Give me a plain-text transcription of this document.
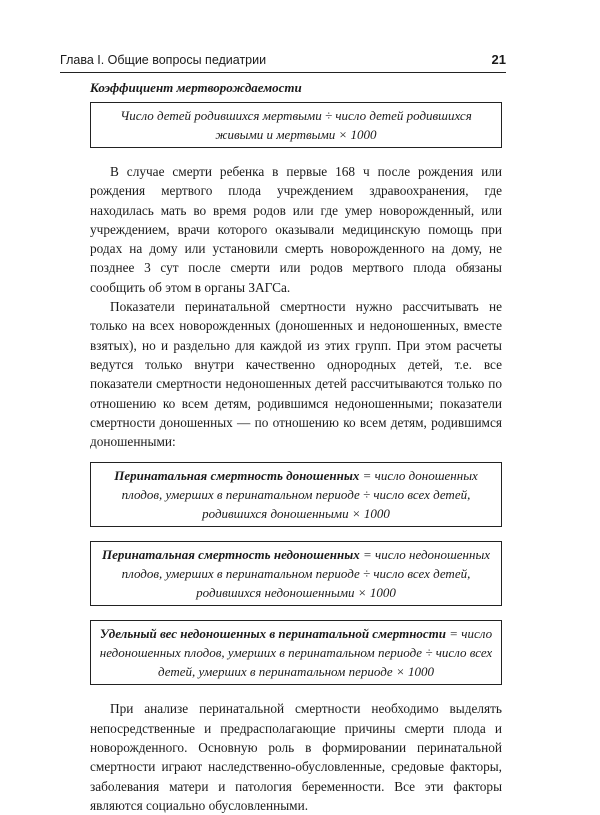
Глава I. Общие вопросы педиатрии	21
Коэффициент мертворождаемости
Число детей родившихся мертвыми ÷ число детей родившихся живыми и мертвыми × 1000

В случае смерти ребенка в первые 168 ч после рождения или рождения мертвого плода учреждением здравоохранения, где находилась мать во время родов или где умер новорожденный, или учреждением, врачи которого оказывали медицинскую помощь при родах на дому или установили смерть новорожденного на дому, не позднее 3 сут после смерти или родов мертвого плода обязаны сообщить об этом в органы ЗАГСа.

Показатели перинатальной смертности нужно рассчитывать не только на всех новорожденных (доношенных и недоношенных, вместе взятых), но и раздельно для каждой из этих групп. При этом расчеты ведутся только внутри качественно однородных детей, т.е. все показатели смертности недоношенных детей рассчитываются только по отношению ко всем детям, родившимся недоношенными; показатели смертности доношенных — по отношению ко всем детям, родившимся доношенными:

Перинатальная смертность доношенных = число доношенных плодов, умерших в перинатальном периоде ÷ число всех детей, родившихся доношенными × 1000
Перинатальная смертность недоношенных = число недоношенных плодов, умерших в перинатальном периоде ÷ число всех детей, родившихся недоношенными × 1000
Удельный вес недоношенных в перинатальной смертности = число недоношенных плодов, умерших в перинатальном периоде ÷ число всех детей, умерших в перинатальном периоде × 1000

При анализе перинатальной смертности необходимо выделять непосредственные и предрасполагающие причины смерти плода и новорожденного. Основную роль в формировании перинатальной смертности играют наследственно-обусловленные, средовые факторы, заболевания матери и патология беременности. Все эти факторы являются социально обусловленными.
